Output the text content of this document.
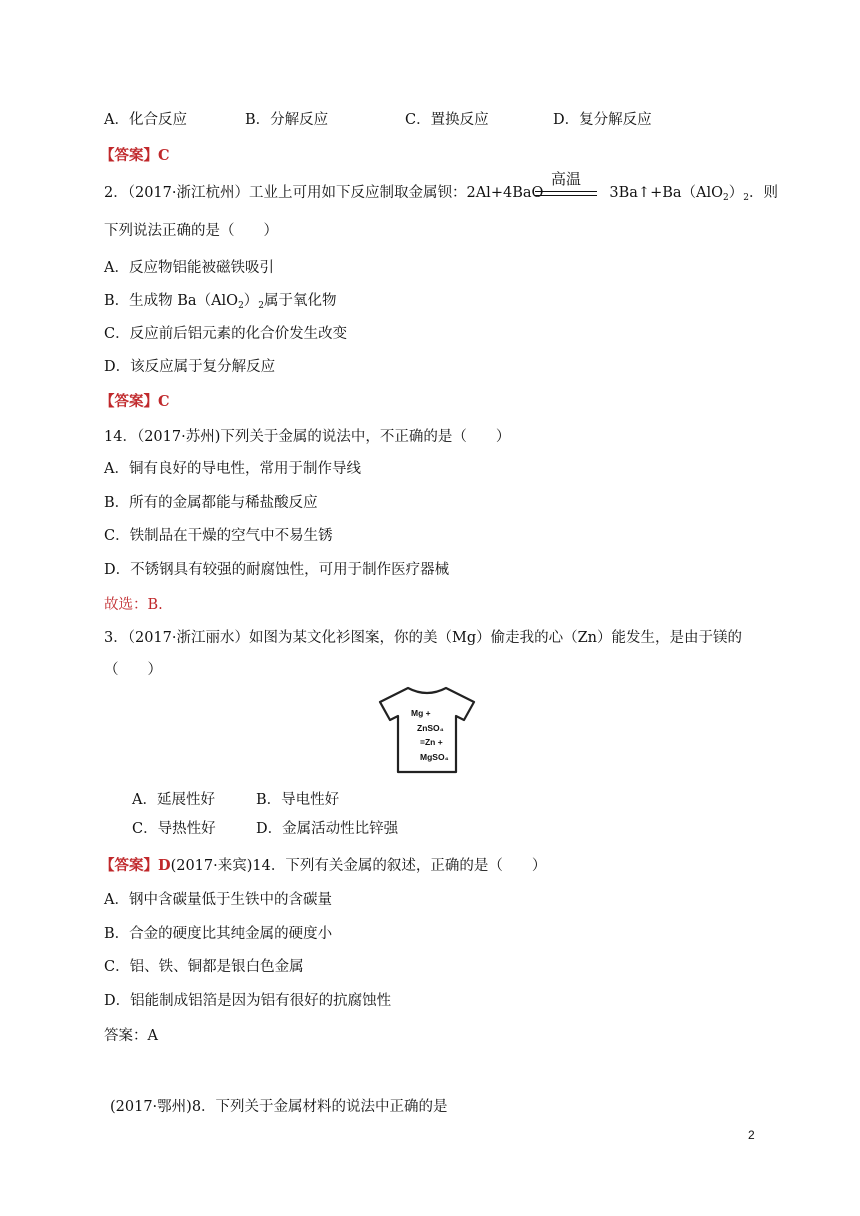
A．化合反应	B．分解反应	C．置换反应	D．复分解反应
【答案】C
2．（2017·浙江杭州）工业上可用如下反应制取金属钡：2Al+4BaO	$3Ba↑+Ba(AlO_2)_2$．则
高温
下列说法正确的是（　　）
A．反应物铝能被磁铁吸引
B．生成物 $Ba(AlO_2)_2$属于氧化物
C．反应前后铝元素的化合价发生改变
D．该反应属于复分解反应
【答案】C
14．（2017·苏州)下列关于金属的说法中，不正确的是（　　）
A．铜有良好的导电性，常用于制作导线
B．所有的金属都能与稀盐酸反应
C．铁制品在干燥的空气中不易生锈
D．不锈钢具有较强的耐腐蚀性，可用于制作医疗器械
故选：B.
3．（2017·浙江丽水）如图为某文化衫图案，你的美（Mg）偷走我的心（Zn）能发生，是由于镁的
（　　）
Mg +
ZnSO₄
=Zn +
MgSO₄
A．延展性好	B．导电性好
C．导热性好	D．金属活动性比锌强
【答案】D(2017·来宾)14．下列有关金属的叙述，正确的是（　　）
A．钢中含碳量低于生铁中的含碳量
B．合金的硬度比其纯金属的硬度小
C．铝、铁、铜都是银白色金属
D．铝能制成铝箔是因为铝有很好的抗腐蚀性
答案：A
(2017·鄂州)8．下列关于金属材料的说法中正确的是
2
